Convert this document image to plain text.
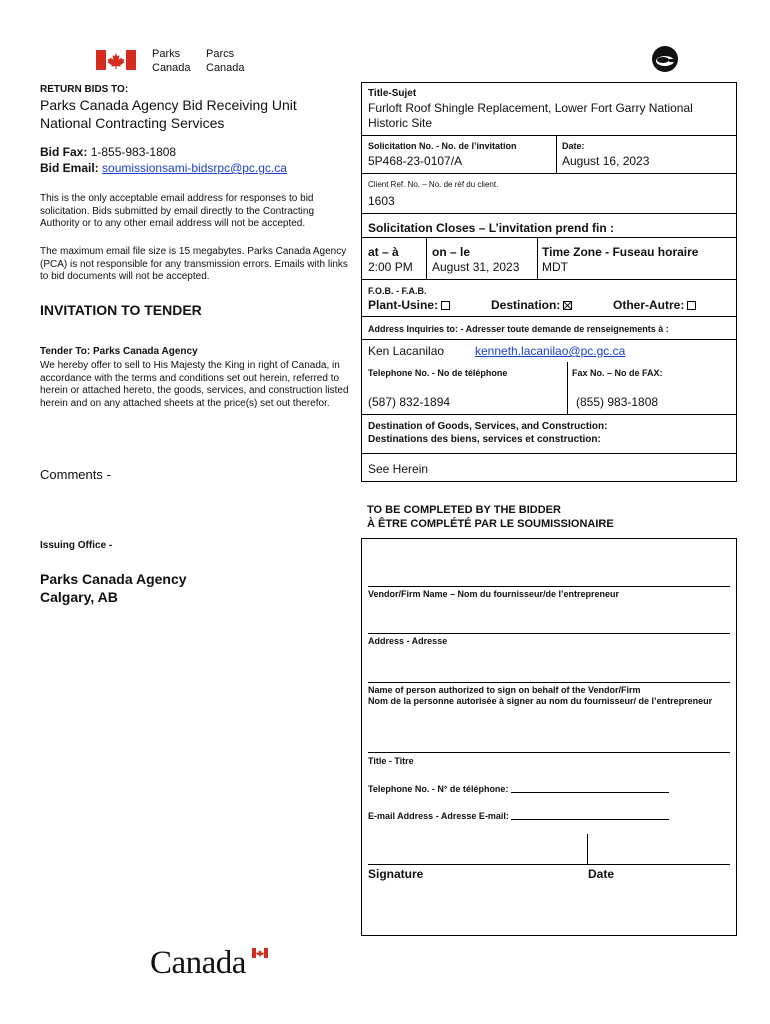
Parks
Canada
Parcs
Canada
RETURN BIDS TO:
Parks Canada Agency Bid Receiving Unit
National Contracting Services
Bid Fax: 1-855-983-1808
Bid Email: soumissionsami-bidsrpc@pc.gc.ca
This is the only acceptable email address for responses to bid solicitation. Bids submitted by email directly to the Contracting Authority or to any other email address will not be accepted.
The maximum email file size is 15 megabytes. Parks Canada Agency (PCA) is not responsible for any transmission errors. Emails with links to bid documents will not be accepted.
INVITATION TO TENDER
Tender To: Parks Canada Agency
We hereby offer to sell to His Majesty the King in right of Canada, in accordance with the terms and conditions set out herein, referred to herein or attached hereto, the goods, services, and construction listed herein and on any attached sheets at the price(s) set out therefor.
Comments -
Issuing Office -
Parks Canada Agency
Calgary, AB
Title-Sujet
Furloft Roof Shingle Replacement, Lower Fort Garry National Historic Site
Solicitation No. - No. de l’invitation
5P468-23-0107/A
Date:
August 16, 2023
Client Ref. No. – No. de réf du client.
1603
Solicitation Closes – L’invitation prend fin :
at – à
2:00 PM
on – le
August 31, 2023
Time Zone - Fuseau horaire
MDT
F.O.B. - F.A.B.
Plant-Usine:	Destination:	Other-Autre:
Address Inquiries to: - Adresser toute demande de renseignements à :
Ken Lacanilao	kenneth.lacanilao@pc.gc.ca
Telephone No. - No de téléphone
(587) 832-1894
Fax No. – No de FAX:
(855) 983-1808
Destination of Goods, Services, and Construction:
Destinations des biens, services et construction:
See Herein
TO BE COMPLETED BY THE BIDDER
À ÊTRE COMPLÉTÉ PAR LE SOUMISSIONAIRE
Vendor/Firm Name – Nom du fournisseur/de l’entrepreneur
Address - Adresse
Name of person authorized to sign on behalf of the Vendor/Firm
Nom de la personne autorisée à signer au nom du fournisseur/ de l’entrepreneur
Title - Titre
Telephone No. - N° de téléphone:
E-mail Address - Adresse E-mail:
Signature	Date
Canada
